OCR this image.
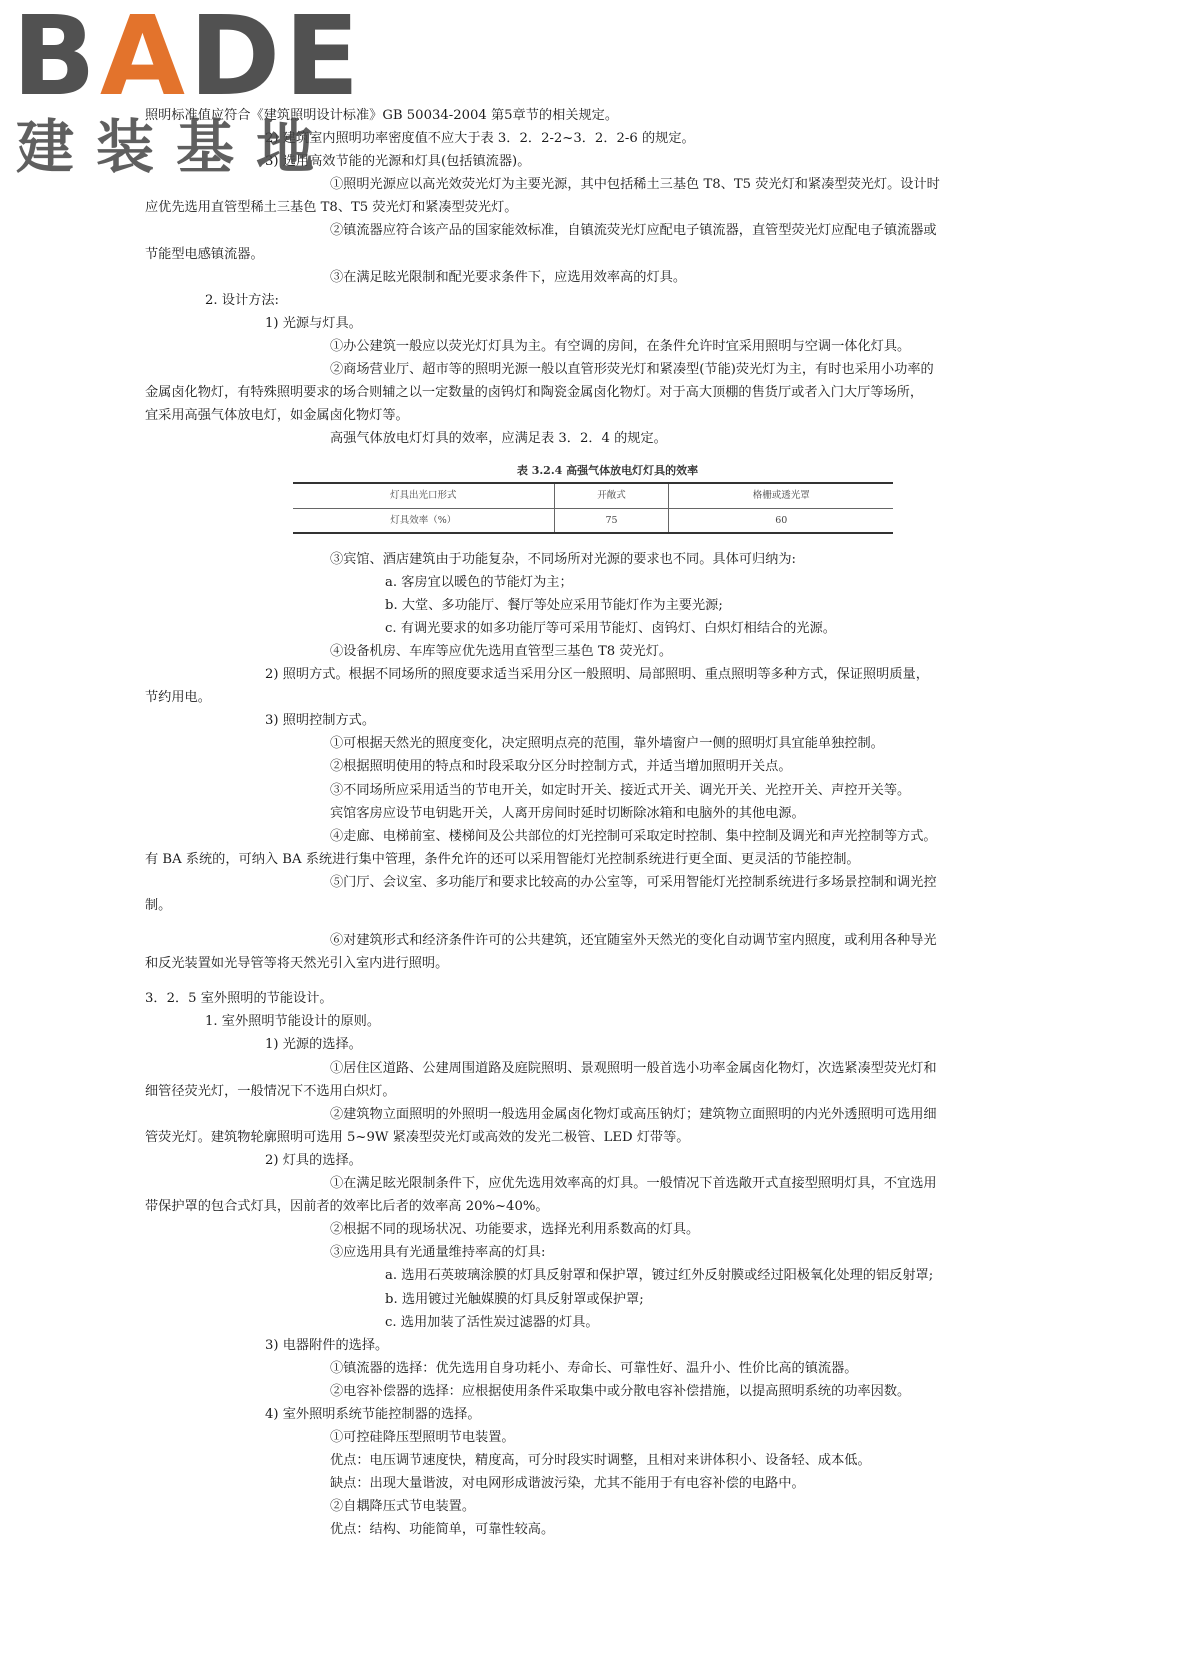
BADE
建装基地
照明标准值应符合《建筑照明设计标准》GB 50034-2004 第5章节的相关规定。
2) 建筑室内照明功率密度值不应大于表 3．2．2-2~3．2．2-6 的规定。
3) 选用高效节能的光源和灯具(包括镇流器)。
①照明光源应以高光效荧光灯为主要光源，其中包括稀土三基色 T8、T5 荧光灯和紧凑型荧光灯。设计时
应优先选用直管型稀土三基色 T8、T5 荧光灯和紧凑型荧光灯。
②镇流器应符合该产品的国家能效标准，自镇流荧光灯应配电子镇流器，直管型荧光灯应配电子镇流器或
节能型电感镇流器。
③在满足眩光限制和配光要求条件下，应选用效率高的灯具。
2. 设计方法:
1) 光源与灯具。
①办公建筑一般应以荧光灯灯具为主。有空调的房间，在条件允许时宜采用照明与空调一体化灯具。
②商场营业厅、超市等的照明光源一般以直管形荧光灯和紧凑型(节能)荧光灯为主，有时也采用小功率的
金属卤化物灯，有特殊照明要求的场合则辅之以一定数量的卤钨灯和陶瓷金属卤化物灯。对于高大顶棚的售货厅或者入门大厅等场所，
宜采用高强气体放电灯，如金属卤化物灯等。
高强气体放电灯灯具的效率，应满足表 3．2．4 的规定。
表 3.2.4 高强气体放电灯灯具的效率
灯具出光口形式	开敞式	格栅或透光罩
灯具效率（%）	75	60
③宾馆、酒店建筑由于功能复杂，不同场所对光源的要求也不同。具体可归纳为:
a. 客房宜以暖色的节能灯为主；
b. 大堂、多功能厅、餐厅等处应采用节能灯作为主要光源;
c. 有调光要求的如多功能厅等可采用节能灯、卤钨灯、白炽灯相结合的光源。
④设备机房、车库等应优先选用直管型三基色 T8 荧光灯。
2) 照明方式。根据不同场所的照度要求适当采用分区一般照明、局部照明、重点照明等多种方式，保证照明质量，
节约用电。
3) 照明控制方式。
①可根据天然光的照度变化，决定照明点亮的范围，靠外墙窗户一侧的照明灯具宜能单独控制。
②根据照明使用的特点和时段采取分区分时控制方式，并适当增加照明开关点。
③不同场所应采用适当的节电开关，如定时开关、接近式开关、调光开关、光控开关、声控开关等。
宾馆客房应设节电钥匙开关，人离开房间时延时切断除冰箱和电脑外的其他电源。
④走廊、电梯前室、楼梯间及公共部位的灯光控制可采取定时控制、集中控制及调光和声光控制等方式。
有 BA 系统的，可纳入 BA 系统进行集中管理，条件允许的还可以采用智能灯光控制系统进行更全面、更灵活的节能控制。
⑤门厅、会议室、多功能厅和要求比较高的办公室等，可采用智能灯光控制系统进行多场景控制和调光控
制。
⑥对建筑形式和经济条件许可的公共建筑，还宜随室外天然光的变化自动调节室内照度，或利用各种导光
和反光装置如光导管等将天然光引入室内进行照明。
3．2．5 室外照明的节能设计。
1. 室外照明节能设计的原则。
1) 光源的选择。
①居住区道路、公建周围道路及庭院照明、景观照明一般首选小功率金属卤化物灯，次选紧凑型荧光灯和
细管径荧光灯，一般情况下不选用白炽灯。
②建筑物立面照明的外照明一般选用金属卤化物灯或高压钠灯；建筑物立面照明的内光外透照明可选用细
管荧光灯。建筑物轮廓照明可选用 5~9W 紧凑型荧光灯或高效的发光二极管、LED 灯带等。
2) 灯具的选择。
①在满足眩光限制条件下，应优先选用效率高的灯具。一般情况下首选敞开式直接型照明灯具，不宜选用
带保护罩的包合式灯具，因前者的效率比后者的效率高 20%~40%。
②根据不同的现场状况、功能要求，选择光利用系数高的灯具。
③应选用具有光通量维持率高的灯具:
a. 选用石英玻璃涂膜的灯具反射罩和保护罩，镀过红外反射膜或经过阳极氧化处理的铝反射罩;
b. 选用镀过光触媒膜的灯具反射罩或保护罩;
c. 选用加装了活性炭过滤器的灯具。
3) 电器附件的选择。
①镇流器的选择：优先选用自身功耗小、寿命长、可靠性好、温升小、性价比高的镇流器。
②电容补偿器的选择：应根据使用条件采取集中或分散电容补偿措施，以提高照明系统的功率因数。
4) 室外照明系统节能控制器的选择。
①可控硅降压型照明节电装置。
优点：电压调节速度快，精度高，可分时段实时调整，且相对来讲体积小、设备轻、成本低。
缺点：出现大量谐波，对电网形成谐波污染，尤其不能用于有电容补偿的电路中。
②自耦降压式节电装置。
优点：结构、功能简单，可靠性较高。
